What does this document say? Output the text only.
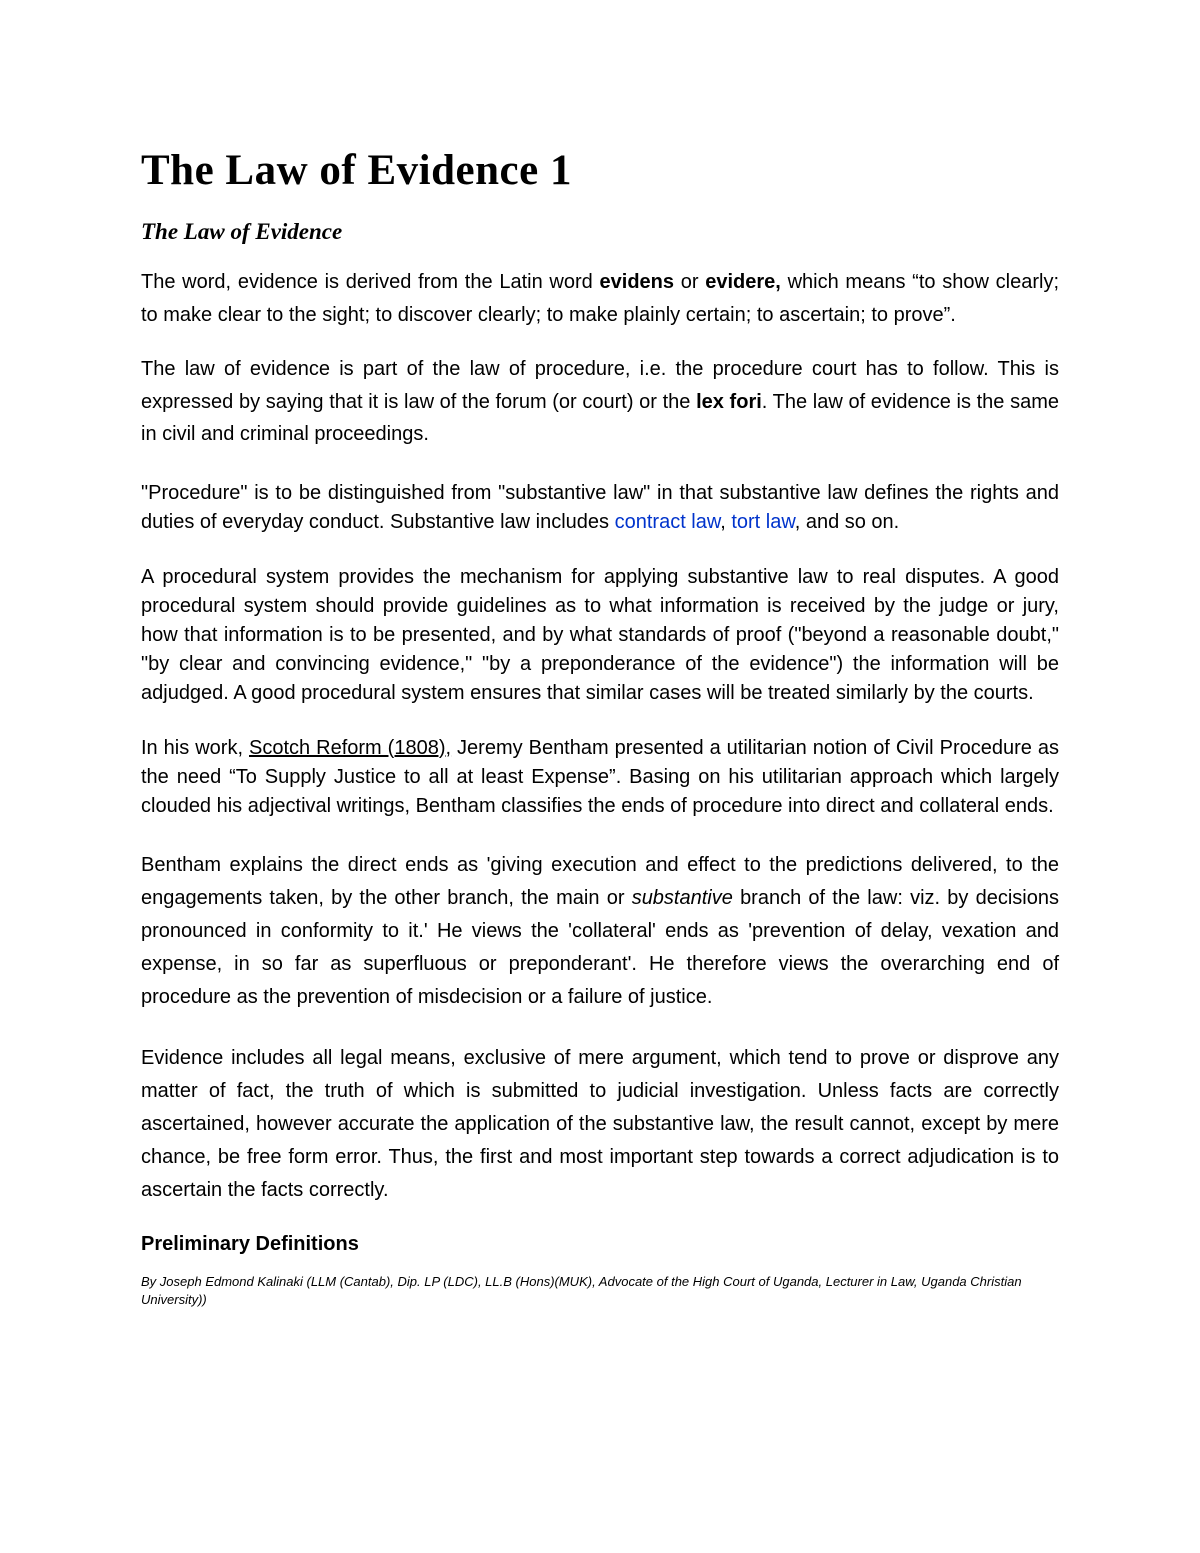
The Law of Evidence 1
The Law of Evidence

The word, evidence is derived from the Latin word evidens or evidere, which means “to show clearly; to make clear to the sight; to discover clearly; to make plainly certain; to ascertain; to prove”.

The law of evidence is part of the law of procedure, i.e. the procedure court has to follow. This is expressed by saying that it is law of the forum (or court) or the lex fori. The law of evidence is the same in civil and criminal proceedings.

"Procedure" is to be distinguished from "substantive law" in that substantive law defines the rights and duties of everyday conduct. Substantive law includes contract law, tort law, and so on.

A procedural system provides the mechanism for applying substantive law to real disputes. A good procedural system should provide guidelines as to what information is received by the judge or jury, how that information is to be presented, and by what standards of proof ("beyond a reasonable doubt," "by clear and convincing evidence," "by a preponderance of the evidence") the information will be adjudged. A good procedural system ensures that similar cases will be treated similarly by the courts.

In his work, Scotch Reform (1808), Jeremy Bentham presented a utilitarian notion of Civil Procedure as the need “To Supply Justice to all at least Expense”. Basing on his utilitarian approach which largely clouded his adjectival writings, Bentham classifies the ends of procedure into direct and collateral ends.

Bentham explains the direct ends as 'giving execution and effect to the predictions delivered, to the engagements taken, by the other branch, the main or substantive branch of the law: viz. by decisions pronounced in conformity to it.' He views the 'collateral' ends as 'prevention of delay, vexation and expense, in so far as superfluous or preponderant'. He therefore views the overarching end of procedure as the prevention of misdecision or a failure of justice.

Evidence includes all legal means, exclusive of mere argument, which tend to prove or disprove any matter of fact, the truth of which is submitted to judicial investigation. Unless facts are correctly ascertained, however accurate the application of the substantive law, the result cannot, except by mere chance, be free form error. Thus, the first and most important step towards a correct adjudication is to ascertain the facts correctly.

Preliminary Definitions
By Joseph Edmond Kalinaki (LLM (Cantab), Dip. LP (LDC), LL.B (Hons)(MUK), Advocate of the High Court of Uganda, Lecturer in Law, Uganda Christian University))
